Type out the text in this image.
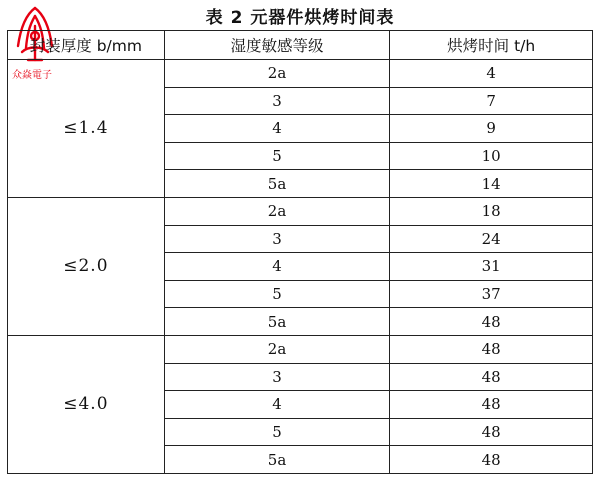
众焱電子
表 2 元器件烘烤时间表
封装厚度 b/mm	湿度敏感等级	烘烤时间 t/h
≤1.4	2a	4
	3	7
	4	9
	5	10
	5a	14
≤2.0	2a	18
	3	24
	4	31
	5	37
	5a	48
≤4.0	2a	48
	3	48
	4	48
	5	48
	5a	48
